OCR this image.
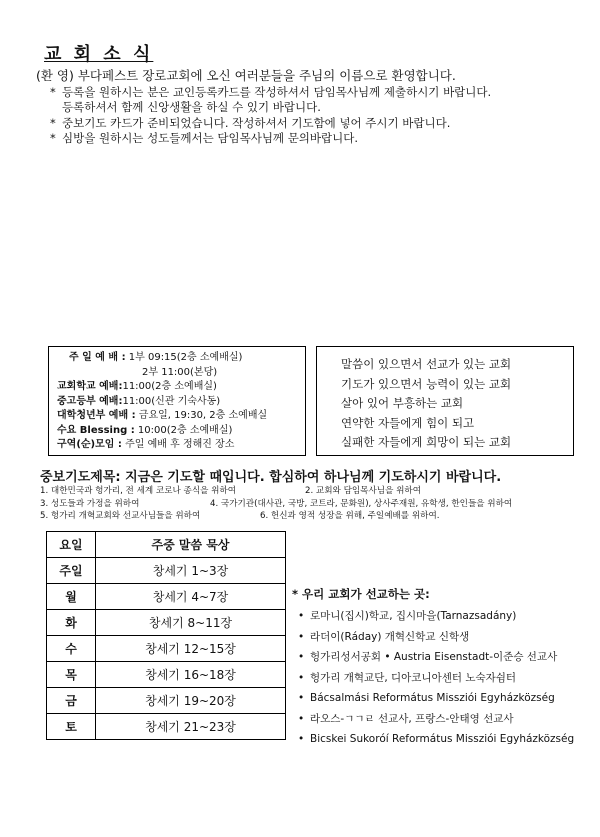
교 회 소 식
(환 영) 부다페스트 장로교회에 오신 여러분들을 주님의 이름으로 환영합니다.
* 등록을 원하시는 분은 교인등록카드를 작성하셔서 담임목사님께 제출하시기 바랍니다.
등록하셔서 함께 신앙생활을 하실 수 있기 바랍니다.
* 중보기도 카드가 준비되었습니다. 작성하셔서 기도함에 넣어 주시기 바랍니다.
* 심방을 원하시는 성도들께서는 담임목사님께 문의바랍니다.
주 일 예 배 : 1부 09:15(2층 소예배실)
2부 11:00(본당)
교회학교 예배:11:00(2층 소예배실)
중고등부 예배:11:00(신관 기숙사동)
대학청년부 예배 : 금요일, 19:30, 2층 소예배실
수요 Blessing : 10:00(2층 소예배실)
구역(순)모임 : 주일 예배 후 정해진 장소
말씀이 있으면서 선교가 있는 교회
기도가 있으면서 능력이 있는 교회
살아 있어 부흥하는 교회
연약한 자들에게 힘이 되고
실패한 자들에게 희망이 되는 교회
중보기도제목: 지금은 기도할 때입니다. 합심하여 하나님께 기도하시기 바랍니다.
1. 대한민국과 헝가리, 전 세계 코로나 종식을 위하여	2. 교회와 담임목사님을 위하여
3. 성도들과 가정을 위하여	4. 국가기관(대사관, 국방, 코트라, 문화원), 상사주재원, 유학생, 한인들을 위하여
5. 헝가리 개혁교회와 선교사님들을 위하여	6. 헌신과 영적 성장을 위해, 주일예배를 위하여.
요일	주중 말씀 묵상
주일	창세기 1~3장
월	창세기 4~7장
화	창세기 8~11장
수	창세기 12~15장
목	창세기 16~18장
금	창세기 19~20장
토	창세기 21~23장
* 우리 교회가 선교하는 곳:
• 로마니(집시)학교, 집시마을(Tarnazsadány)
• 라더이(Ráday) 개혁신학교 신학생
• 헝가리성서공회 • Austria Eisenstadt-이준승 선교사
• 헝가리 개혁교단, 디아코니아센터 노숙자쉼터
• Bácsalmási Református Missziói Egyházközség
• 라오스-ㄱㄱㄹ 선교사, 프랑스-안태영 선교사
• Bicskei Sukoróí Református Missziói Egyházközség
